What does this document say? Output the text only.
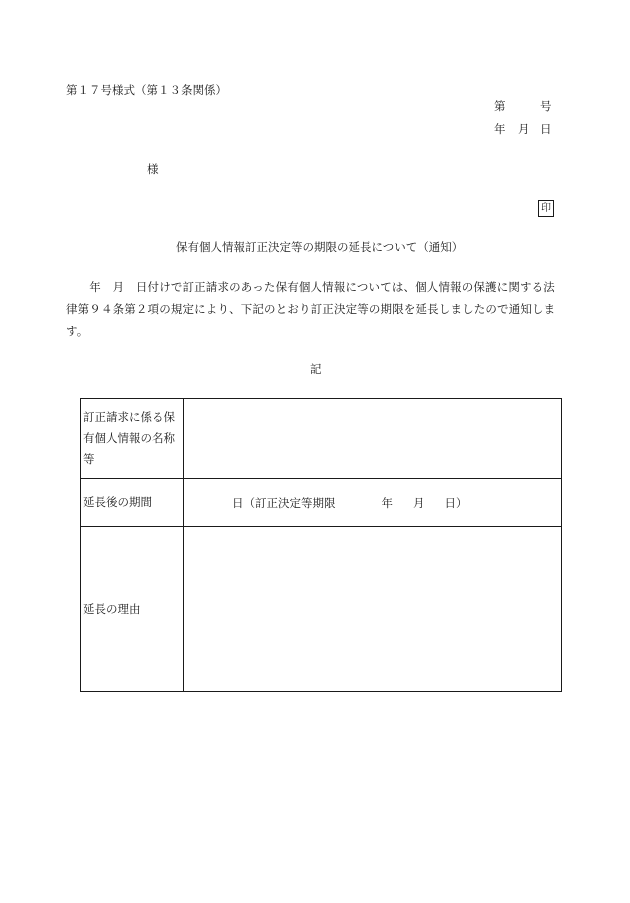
第１７号様式（第１３条関係）
第	号
年 月 日
様
印
保有個人情報訂正決定等の期限の延長について（通知）
　　年　月　日付けで訂正請求のあった保有個人情報については、個人情報の保護に関する法律第９４条第２項の規定により、下記のとおり訂正決定等の期限を延長しましたので通知します。
記
訂正請求に係る保有個人情報の名称等	
延長後の期間	日（訂正決定等期限 年 月 日）
延長の理由	
